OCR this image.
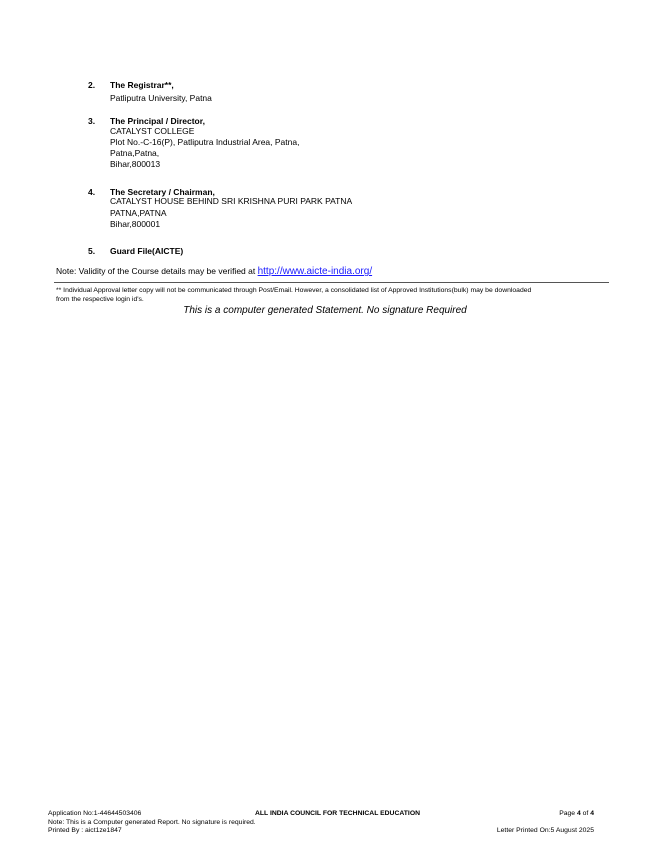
2. The Registrar**,
Patliputra University, Patna
3. The Principal / Director,
CATALYST COLLEGE
Plot No.-C-16(P), Patliputra Industrial Area, Patna,
Patna,Patna,
Bihar,800013
4. The Secretary / Chairman,
CATALYST HOUSE BEHIND SRI KRISHNA PURI PARK PATNA
PATNA,PATNA
Bihar,800001
5. Guard File(AICTE)
Note: Validity of the Course details may be verified at http://www.aicte-india.org/
** Individual Approval letter copy will not be communicated through Post/Email. However, a consolidated list of Approved Institutions(bulk) may be downloaded
from the respective login id's.
This is a computer generated Statement. No signature Required
Application No:1-44644503406
Note: This is a Computer generated Report. No signature is required.
Printed By : aict1ze1847
ALL INDIA COUNCIL FOR TECHNICAL EDUCATION	Page 4 of 4
Letter Printed On:5 August 2025
